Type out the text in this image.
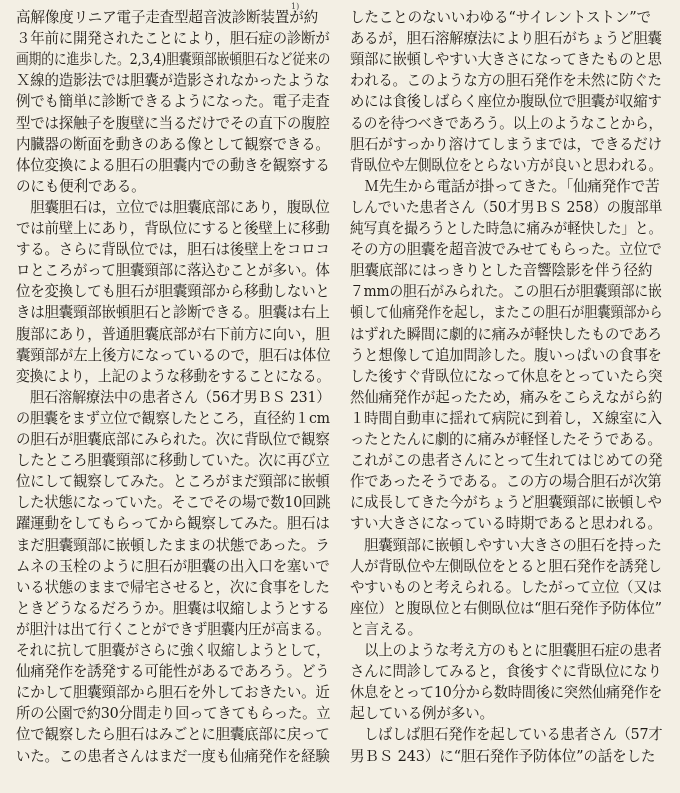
1)
高解像度リニア電子走査型超音波診断装置が約
３年前に開発されたことにより，胆石症の診断が
画期的に進歩した。2,3,4)胆囊頸部嵌頓胆石など従来の
Ｘ線的造影法では胆囊が造影されなかったような
例でも簡単に診断できるようになった。電子走査
型では探触子を腹壁に当るだけでその直下の腹腔
内臓器の断面を動きのある像として観察できる。
体位変換による胆石の胆囊内での動きを観察する
のにも便利である。
　胆囊胆石は，立位では胆囊底部にあり，腹臥位
では前壁上にあり，背臥位にすると後壁上に移動
する。さらに背臥位では，胆石は後壁上をコロコ
ロところがって胆囊頸部に落込むことが多い。体
位を変換しても胆石が胆囊頸部から移動しないと
きは胆囊頸部嵌頓胆石と診断できる。胆囊は右上
腹部にあり，普通胆囊底部が右下前方に向い，胆
囊頸部が左上後方になっているので，胆石は体位
変換により，上記のような移動をすることになる。
　胆石溶解療法中の患者さん（56才男ＢＳ 231）
の胆囊をまず立位で観察したところ，直径約１cm
の胆石が胆囊底部にみられた。次に背臥位で観察
したところ胆囊頸部に移動していた。次に再び立
位にして観察してみた。ところがまだ頸部に嵌頓
した状態になっていた。そこでその場で数10回跳
躍運動をしてもらってから観察してみた。胆石は
まだ胆囊頸部に嵌頓したままの状態であった。ラ
ムネの玉栓のように胆石が胆囊の出入口を塞いで
いる状態のままで帰宅させると，次に食事をした
ときどうなるだろうか。胆囊は収縮しようとする
が胆汁は出て行くことができず胆囊内圧が高まる。
それに抗して胆囊がさらに強く収縮しようとして，
仙痛発作を誘発する可能性があるであろう。どう
にかして胆囊頸部から胆石を外しておきたい。近
所の公園で約30分間走り回ってきてもらった。立
位で観察したら胆石はみごとに胆囊底部に戻って
いた。この患者さんはまだ一度も仙痛発作を経験
したことのないいわゆる“サイレントストン”で
あるが，胆石溶解療法により胆石がちょうど胆囊
頸部に嵌頓しやすい大きさになってきたものと思
われる。このような方の胆石発作を未然に防ぐた
めには食後しばらく座位か腹臥位で胆囊が収縮す
るのを待つべきであろう。以上のようなことから，
胆石がすっかり溶けてしまうまでは，できるだけ
背臥位や左側臥位をとらない方が良いと思われる。
　Ｍ先生から電話が掛ってきた。「仙痛発作で苦
しんでいた患者さん（50才男ＢＳ 258）の腹部単
純写真を撮ろうとした時急に痛みが軽快した」と。
その方の胆囊を超音波でみせてもらった。立位で
胆囊底部にはっきりとした音響陰影を伴う径約
７mmの胆石がみられた。この胆石が胆囊頸部に嵌
頓して仙痛発作を起し，またこの胆石が胆囊頸部から
はずれた瞬間に劇的に痛みが軽快したものであろ
うと想像して追加問診した。腹いっぱいの食事を
した後すぐ背臥位になって休息をとっていたら突
然仙痛発作が起ったため，痛みをこらえながら約
１時間自動車に揺れて病院に到着し，Ｘ線室に入
ったとたんに劇的に痛みが軽怪したそうである。
これがこの患者さんにとって生れてはじめての発
作であったそうである。この方の場合胆石が次第
に成長してきた今がちょうど胆囊頸部に嵌頓しや
すい大きさになっている時期であると思われる。
　胆囊頸部に嵌頓しやすい大きさの胆石を持った
人が背臥位や左側臥位をとると胆石発作を誘発し
やすいものと考えられる。したがって立位（又は
座位）と腹臥位と右側臥位は“胆石発作予防体位”
と言える。
　以上のような考え方のもとに胆囊胆石症の患者
さんに問診してみると，食後すぐに背臥位になり
休息をとって10分から数時間後に突然仙痛発作を
起している例が多い。
　しばしば胆石発作を起している患者さん（57才
男ＢＳ 243）に“胆石発作予防体位”の話をした
